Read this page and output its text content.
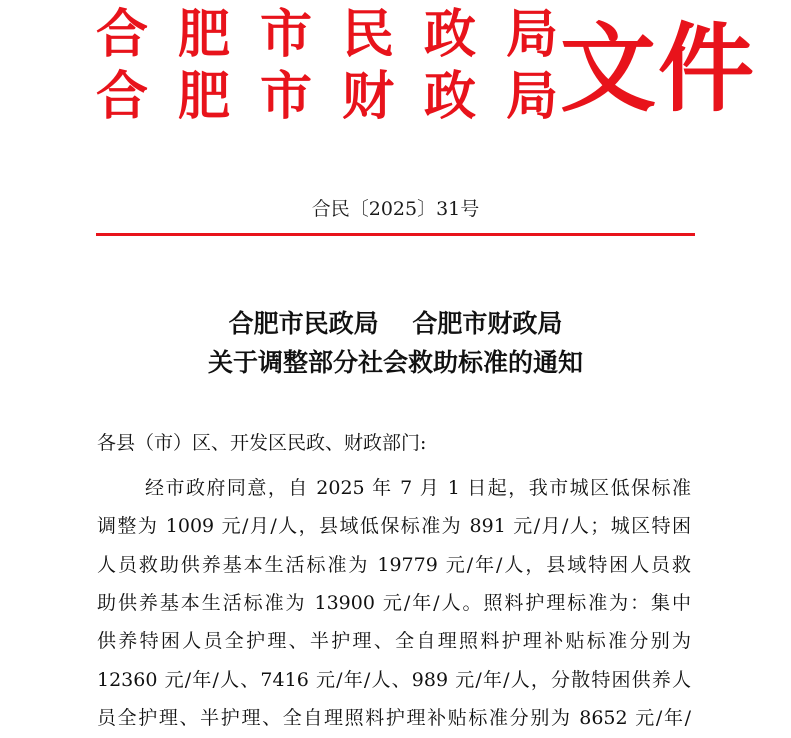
合肥市民政局
合肥市财政局
文件
合民〔2025〕31号
合肥市民政局　 合肥市财政局
关于调整部分社会救助标准的通知
各县（市）区、开发区民政、财政部门:
经市政府同意，自 2025 年 7 月 1 日起，我市城区低保标准
调整为 1009 元/月/人，县域低保标准为 891 元/月/人；城区特困
人员救助供养基本生活标准为 19779 元/年/人，县域特困人员救
助供养基本生活标准为 13900 元/年/人。照料护理标准为：集中
供养特困人员全护理、半护理、全自理照料护理补贴标准分别为
12360 元/年/人、7416 元/年/人、989 元/年/人，分散特困供养人
员全护理、半护理、全自理照料护理补贴标准分别为 8652 元/年/
